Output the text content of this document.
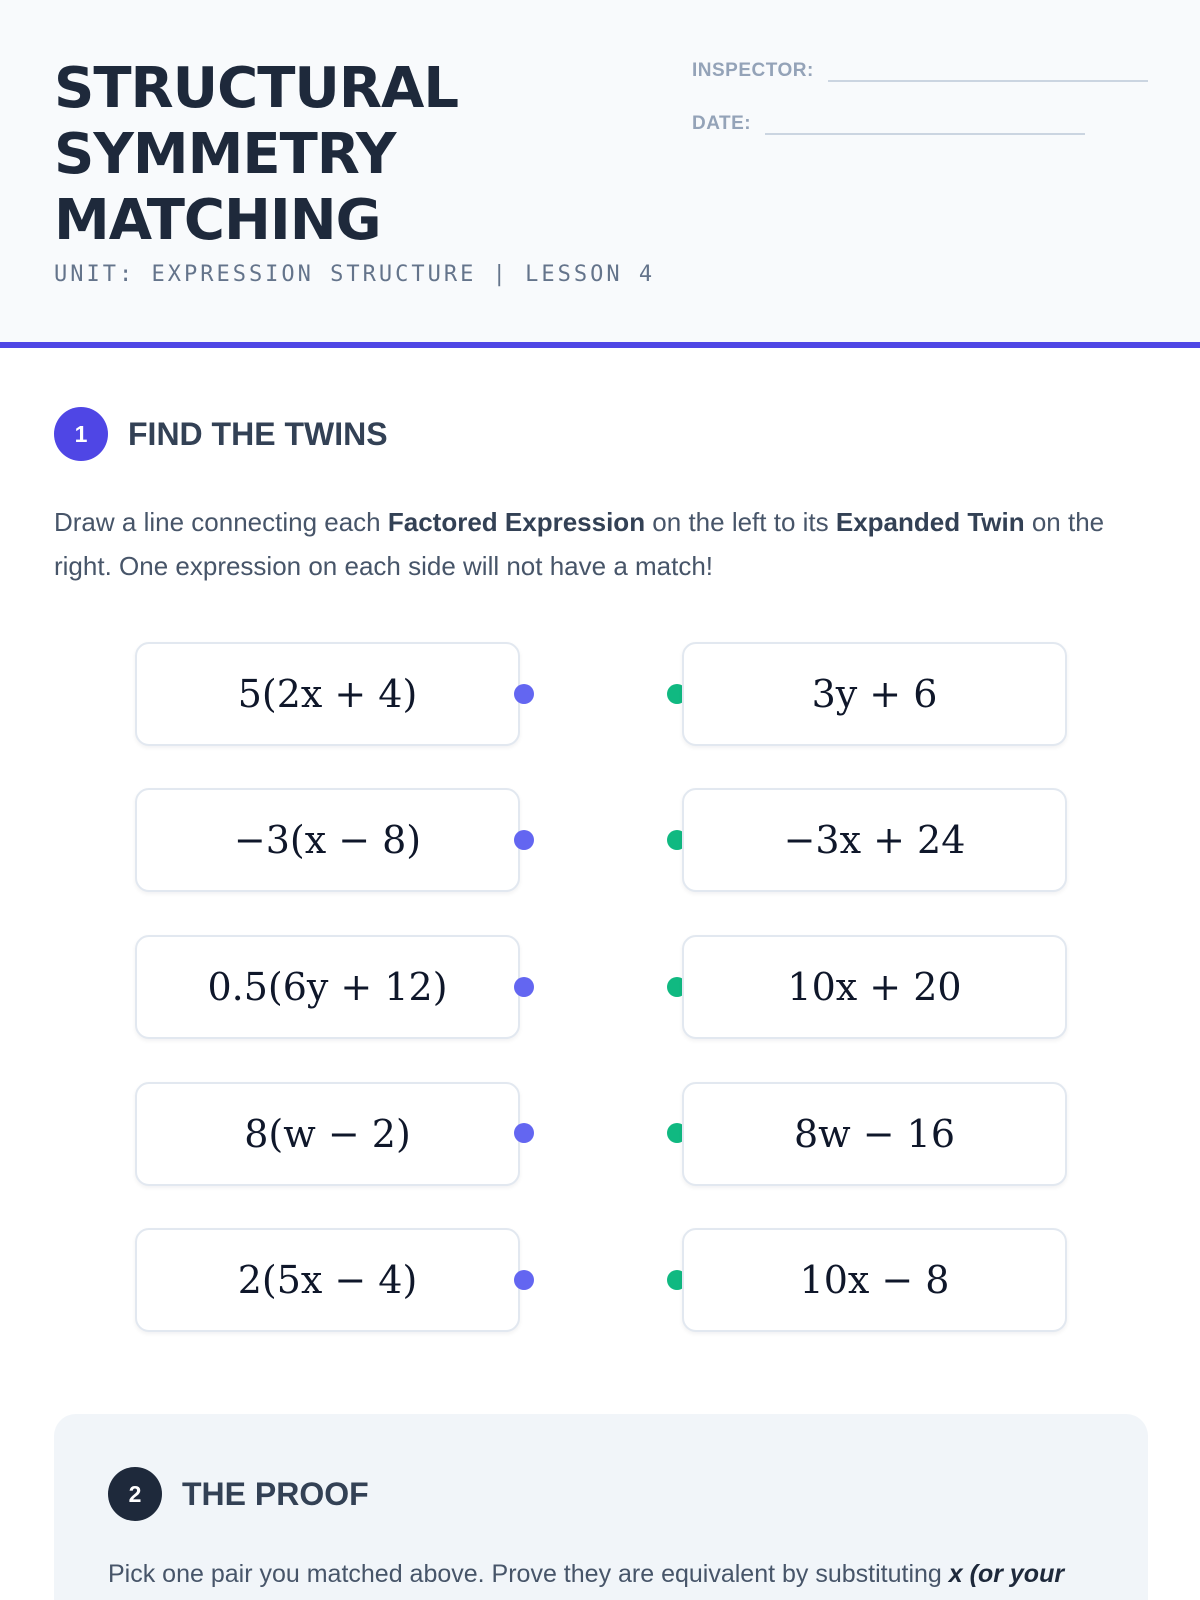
STRUCTURAL SYMMETRY MATCHING
UNIT: EXPRESSION STRUCTURE | LESSON 4
INSPECTOR:
DATE:
1	FIND THE TWINS
Draw a line connecting each Factored Expression on the left to its Expanded Twin on the right. One expression on each side will not have a match!
5(2x + 4)	3y + 6
−3(x − 8)	−3x + 24
0.5(6y + 12)	10x + 20
8(w − 2)	8w − 16
2(5x − 4)	10x − 8
2	THE PROOF
Pick one pair you matched above. Prove they are equivalent by substituting x (or your
